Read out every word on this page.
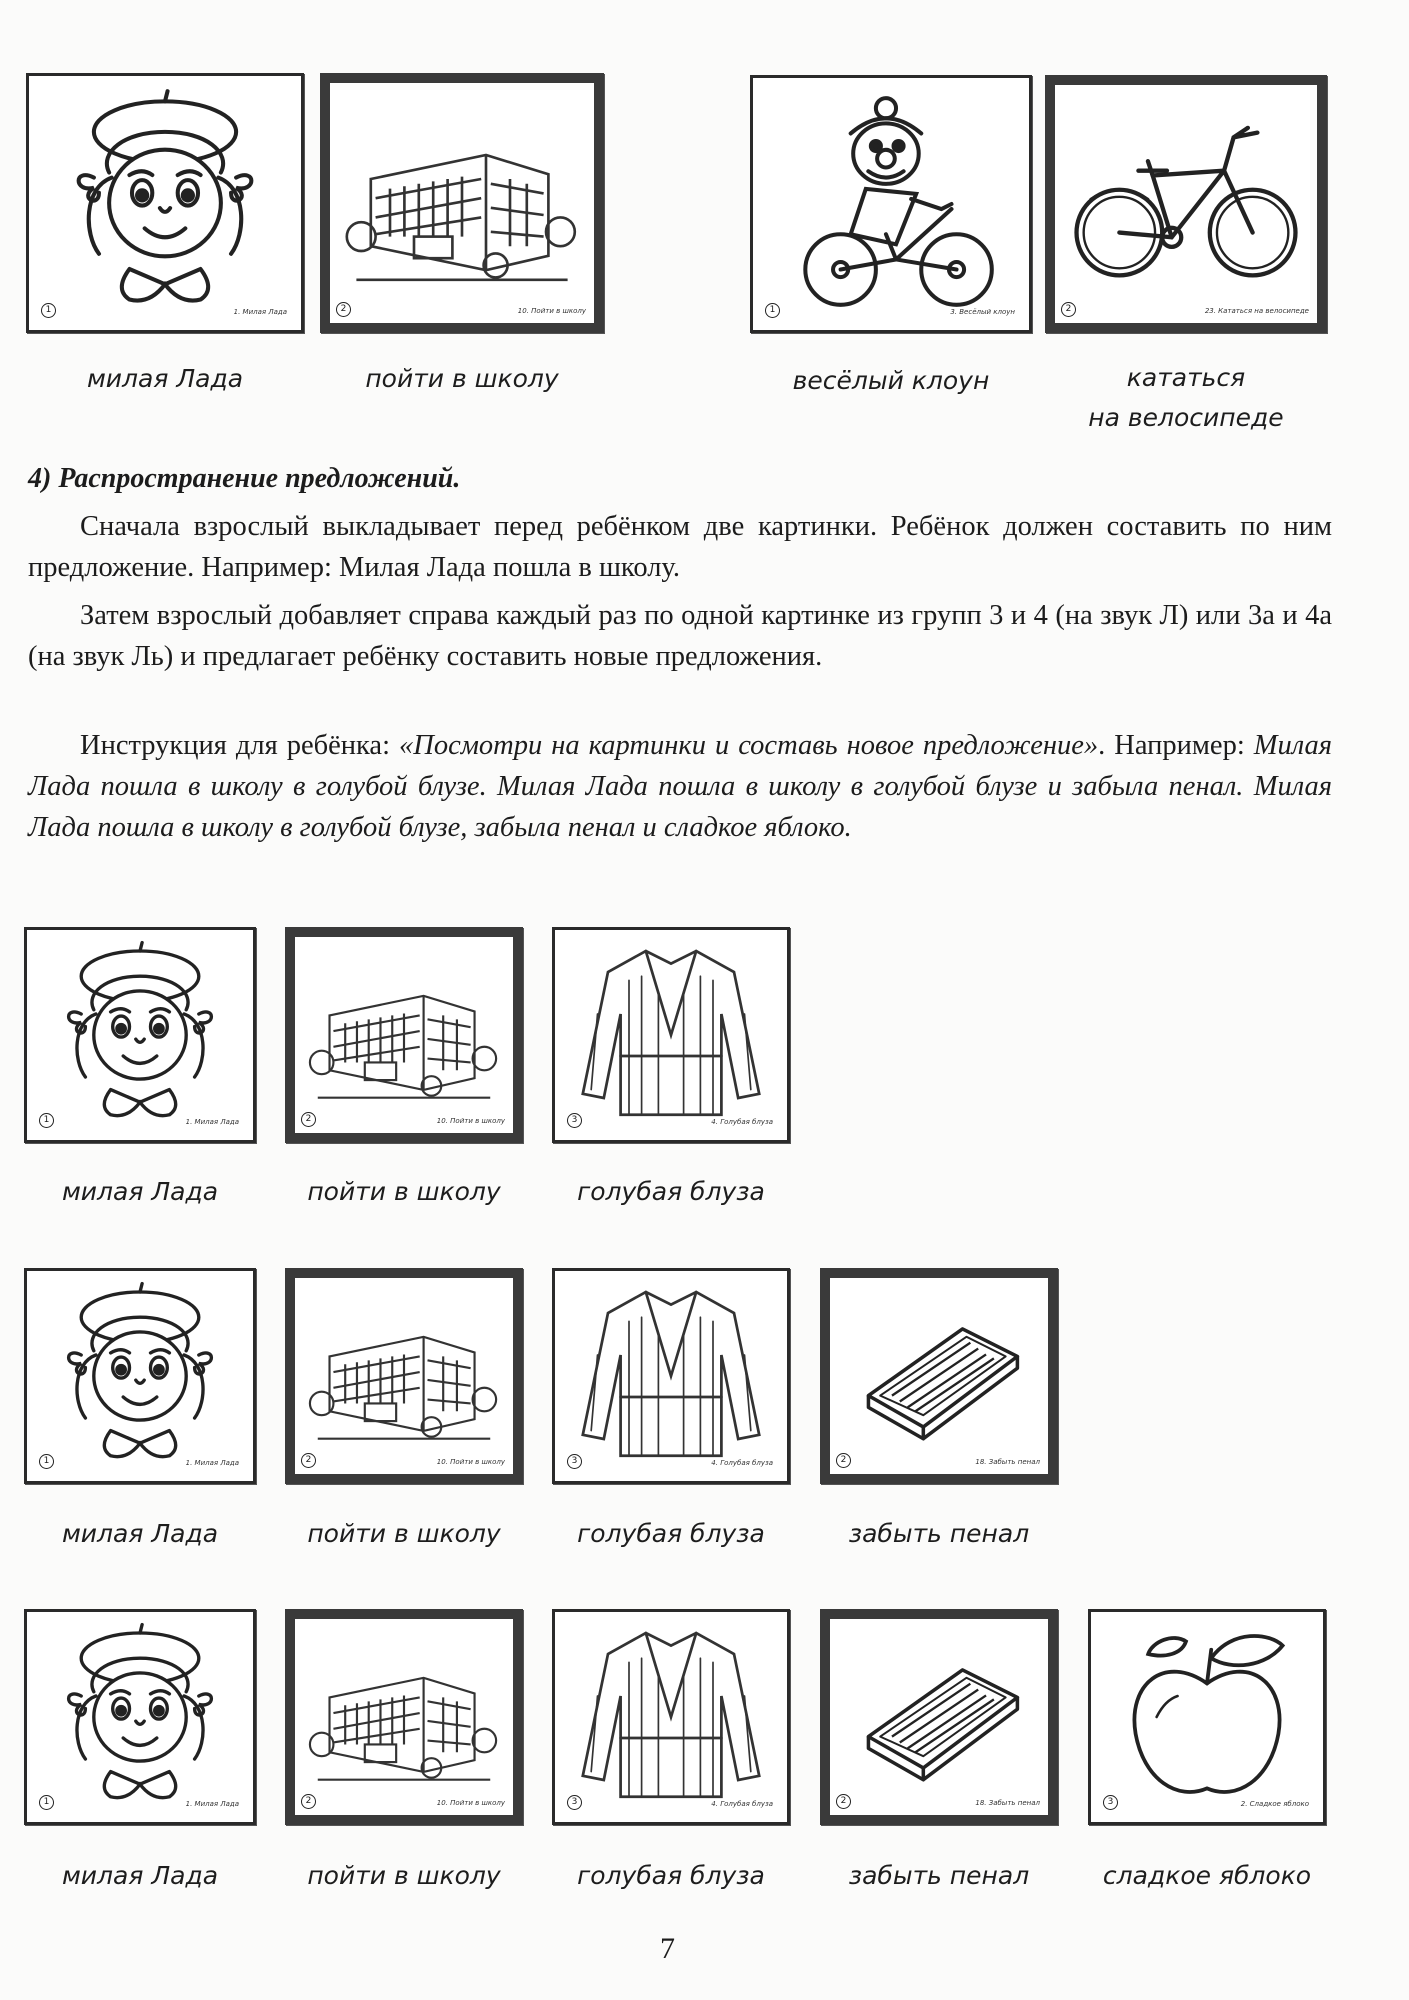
1	1. Милая Лада	2	10. Пойти в школу	1	3. Весёлый клоун	2	23. Кататься на велосипеде
милая Лада	пойти в школу	весёлый клоун	кататься
на велосипеде
4) Распространение предложений.

Сначала взрослый выкладывает перед ребёнком две картинки. Ребёнок должен составить по ним предложение. Например: Милая Лада пошла в школу.

Затем взрослый добавляет справа каждый раз по одной картинке из групп 3 и 4 (на звук Л) или 3а и 4а (на звук Ль) и предлагает ребёнку составить новые предложения.

Инструкция для ребёнка: «Посмотри на картинки и составь новое предложение». Например: Милая Лада пошла в школу в голубой блузе. Милая Лада пошла в школу в голубой блузе и забыла пенал. Милая Лада пошла в школу в голубой блузе, забыла пенал и сладкое яблоко.

1	1. Милая Лада	2	10. Пойти в школу	3	4. Голубая блуза
милая Лада	пойти в школу	голубая блуза
1	1. Милая Лада	2	10. Пойти в школу	3	4. Голубая блуза	2	18. Забыть пенал
милая Лада	пойти в школу	голубая блуза	забыть пенал
1	1. Милая Лада	2	10. Пойти в школу	3	4. Голубая блуза	2	18. Забыть пенал	3	2. Сладкое яблоко
милая Лада	пойти в школу	голубая блуза	забыть пенал	сладкое яблоко
7
